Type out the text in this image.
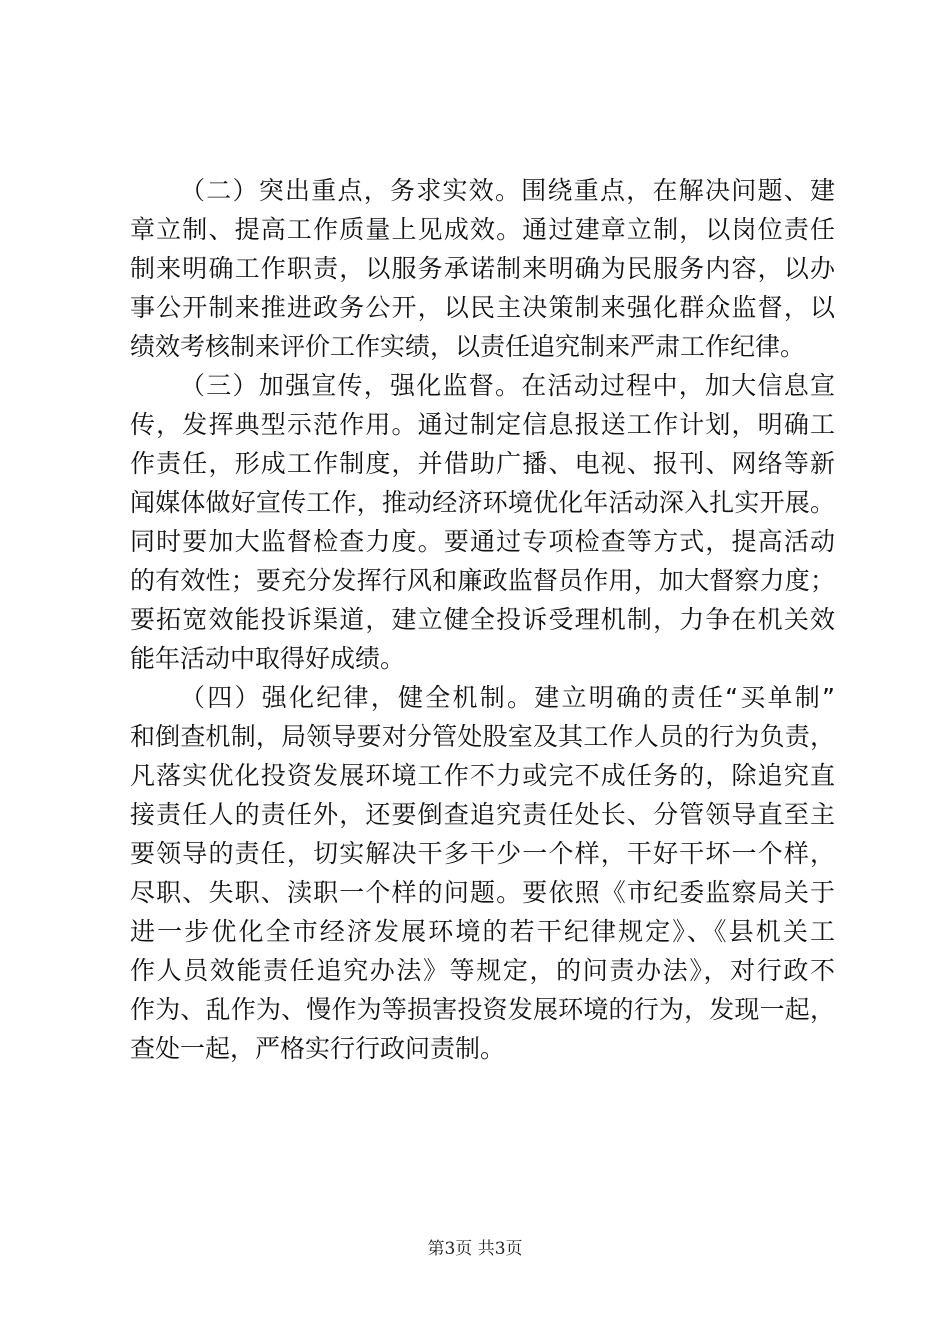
（二）突出重点，务求实效。围绕重点，在解决问题、建
章立制、提高工作质量上见成效。通过建章立制，以岗位责任
制来明确工作职责，以服务承诺制来明确为民服务内容，以办
事公开制来推进政务公开，以民主决策制来强化群众监督，以
绩效考核制来评价工作实绩，以责任追究制来严肃工作纪律。
（三）加强宣传，强化监督。在活动过程中，加大信息宣
传，发挥典型示范作用。通过制定信息报送工作计划，明确工
作责任，形成工作制度，并借助广播、电视、报刊、网络等新
闻媒体做好宣传工作，推动经济环境优化年活动深入扎实开展。
同时要加大监督检查力度。要通过专项检查等方式，提高活动
的有效性；要充分发挥行风和廉政监督员作用，加大督察力度；
要拓宽效能投诉渠道，建立健全投诉受理机制，力争在机关效
能年活动中取得好成绩。
（四）强化纪律，健全机制。建立明确的责任“买单制”
和倒查机制，局领导要对分管处股室及其工作人员的行为负责，
凡落实优化投资发展环境工作不力或完不成任务的，除追究直
接责任人的责任外，还要倒查追究责任处长、分管领导直至主
要领导的责任，切实解决干多干少一个样，干好干坏一个样，
尽职、失职、渎职一个样的问题。要依照《市纪委监察局关于
进一步优化全市经济发展环境的若干纪律规定》、《县机关工
作人员效能责任追究办法》等规定，的问责办法》，对行政不
作为、乱作为、慢作为等损害投资发展环境的行为，发现一起，
查处一起，严格实行行政问责制。
第3页 共3页
